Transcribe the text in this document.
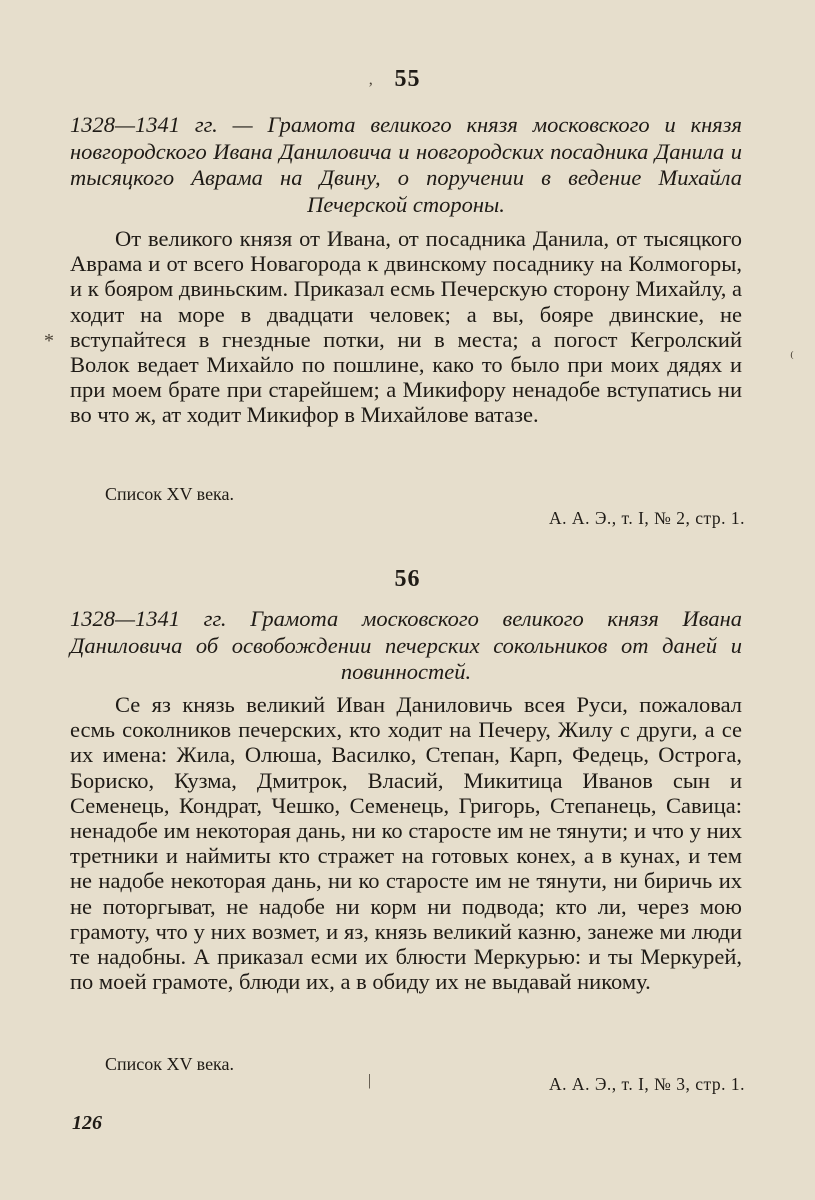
ʼ 55

1328—1341 гг. — Грамота великого князя московского и князя новгородского Ивана Даниловича и новгородских посадника Данила и тысяцкого Аврама на Двину, о поручении в ведение Михайла Печерской стороны.

*
⁽

От великого князя от Ивана, от посадника Данила, от тысяцкого Аврама и от всего Новагорода к двинскому посаднику на Колмогоры, и к бояром двиньским. Приказал есмь Печерскую сторону Михайлу, а ходит на море в двадцати человек; а вы, бояре двинские, не вступайтеся в гнездные потки, ни в места; а погост Кегролский Волок ведает Михайло по пошлине, како то было при моих дядях и при моем брате при старейшем; а Микифору ненадобе вступатись ни во что ж, ат ходит Микифор в Михайлове ватазе.

Список XV века.
А. А. Э., т. I, № 2, стр. 1.
56

1328—1341 гг. Грамота московского великого князя Ивана Даниловича об освобождении печерских сокольников от даней и повинностей.

Се яз князь великий Иван Даниловичь всея Руси, пожаловал есмь соколников печерских, кто ходит на Печеру, Жилу с други, а се их имена: Жила, Олюша, Василко, Степан, Карп, Федець, Острога, Бориско, Кузма, Дмитрок, Власий, Микитица Иванов сын и Семенець, Кондрат, Чешко, Семенець, Григорь, Степанець, Савица: ненадобе им некоторая дань, ни ко старосте им не тянути; и что у них третники и наймиты кто стражет на готовых конех, а в кунах, и тем не надобе некоторая дань, ни ко старосте им не тянути, ни биричь их не поторгыват, не надобе ни корм ни подвода; кто ли, через мою грамоту, что у них возмет, и яз, князь великий казню, занеже ми люди те надобны. А приказал есми их блюсти Меркурью: и ты Меркурей, по моей грамоте, блюди их, а в обиду их не выдавай никому.

Список XV века.
|	А. А. Э., т. I, № 3, стр. 1.
126
